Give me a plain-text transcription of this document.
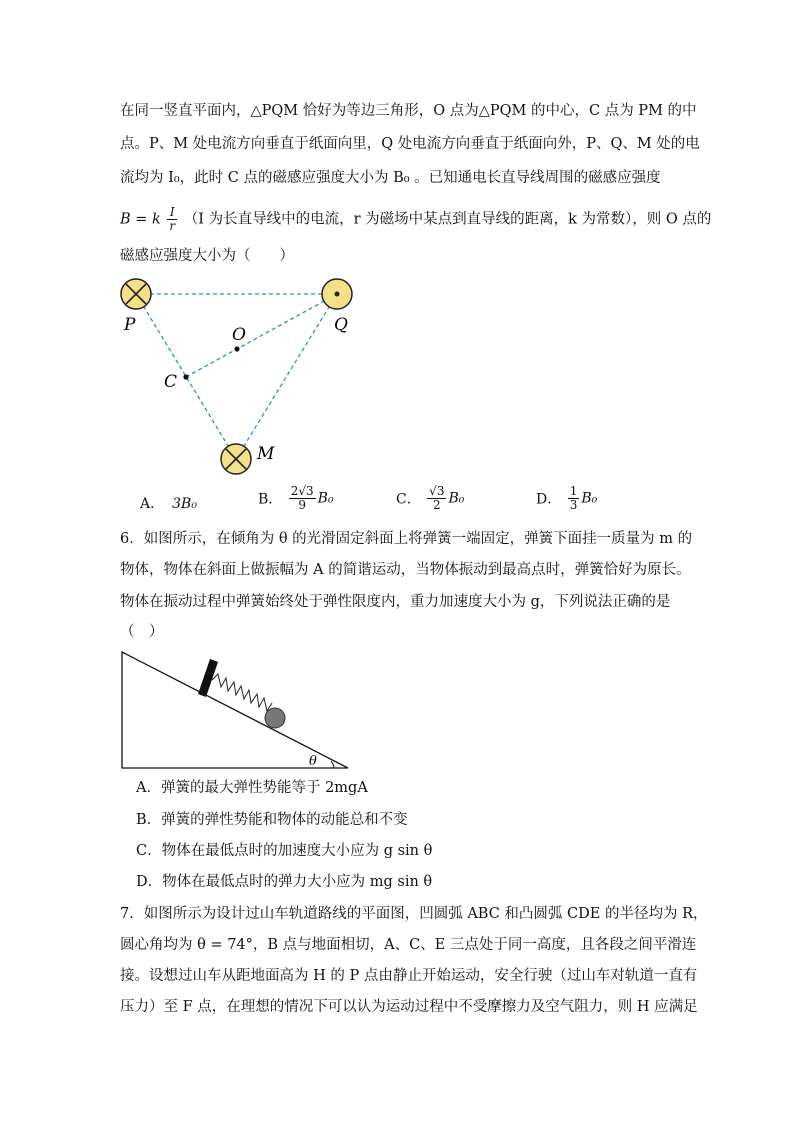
在同一竖直平面内，△PQM 恰好为等边三角形，O 点为△PQM 的中心，C 点为 PM 的中
点。P、M 处电流方向垂直于纸面向里，Q 处电流方向垂直于纸面向外，P、Q、M 处的电
流均为 I₀，此时 C 点的磁感应强度大小为 B₀ 。已知通电长直导线周围的磁感应强度
B = k $\frac{I}{r} (I$ 为长直导线中的电流，r 为磁场中某点到直导线的距离，k 为常数），则 O 点的
磁感应强度大小为（　　）
P	Q
O
C
M
A． 3B₀	B． $\frac{2√3}{9} B_0$	C． $\frac{√3}{2} B_0$	D． $\frac{1}{3} B_0$
6．如图所示，在倾角为 θ 的光滑固定斜面上将弹簧一端固定，弹簧下面挂一质量为 m 的
物体，物体在斜面上做振幅为 A 的简谐运动，当物体振动到最高点时，弹簧恰好为原长。
物体在振动过程中弹簧始终处于弹性限度内，重力加速度大小为 g，下列说法正确的是
（　）
θ
A．弹簧的最大弹性势能等于 2mgA
B．弹簧的弹性势能和物体的动能总和不变
C．物体在最低点时的加速度大小应为 g sin θ
D．物体在最低点时的弹力大小应为 mg sin θ
7．如图所示为设计过山车轨道路线的平面图，凹圆弧 ABC 和凸圆弧 CDE 的半径均为 R，
圆心角均为 θ = 74°，B 点与地面相切，A、C、E 三点处于同一高度，且各段之间平滑连
接。设想过山车从距地面高为 H 的 P 点由静止开始运动，安全行驶（过山车对轨道一直有
压力）至 F 点，在理想的情况下可以认为运动过程中不受摩擦力及空气阻力，则 H 应满足
